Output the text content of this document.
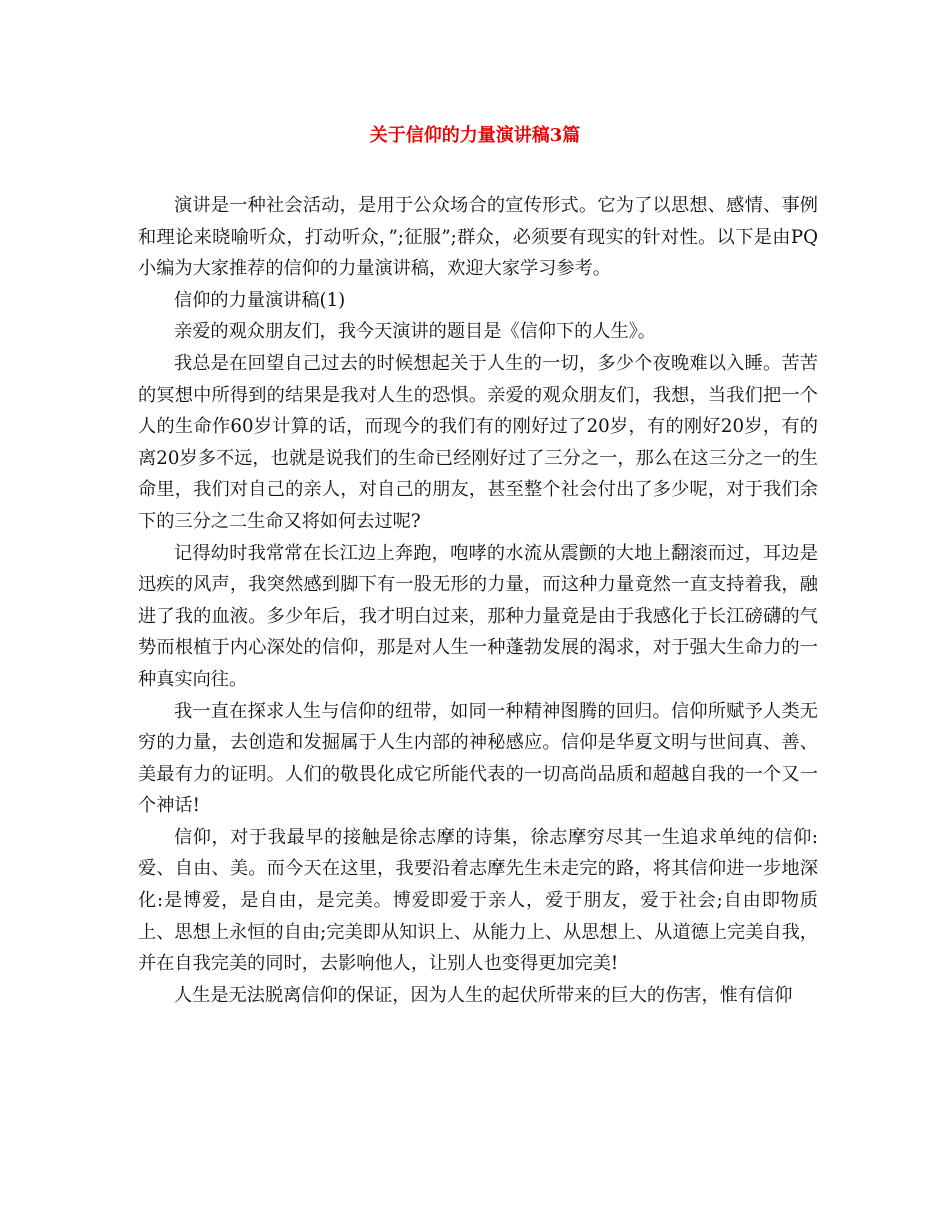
关于信仰的力量演讲稿3篇

演讲是一种社会活动，是用于公众场合的宣传形式。它为了以思想、感情、事例和理论来晓喻听众，打动听众，”;征服”;群众，必须要有现实的针对性。以下是由PQ小编为大家推荐的信仰的力量演讲稿，欢迎大家学习参考。

信仰的力量演讲稿(1)

亲爱的观众朋友们，我今天演讲的题目是《信仰下的人生》。

我总是在回望自己过去的时候想起关于人生的一切，多少个夜晚难以入睡。苦苦的冥想中所得到的结果是我对人生的恐惧。亲爱的观众朋友们，我想，当我们把一个人的生命作60岁计算的话，而现今的我们有的刚好过了20岁，有的刚好20岁，有的离20岁多不远，也就是说我们的生命已经刚好过了三分之一，那么在这三分之一的生命里，我们对自己的亲人，对自己的朋友，甚至整个社会付出了多少呢，对于我们余下的三分之二生命又将如何去过呢?

记得幼时我常常在长江边上奔跑，咆哮的水流从震颤的大地上翻滚而过，耳边是迅疾的风声，我突然感到脚下有一股无形的力量，而这种力量竟然一直支持着我，融进了我的血液。多少年后，我才明白过来，那种力量竟是由于我感化于长江磅礴的气势而根植于内心深处的信仰，那是对人生一种蓬勃发展的渴求，对于强大生命力的一种真实向往。

我一直在探求人生与信仰的纽带，如同一种精神图腾的回归。信仰所赋予人类无穷的力量，去创造和发掘属于人生内部的神秘感应。信仰是华夏文明与世间真、善、美最有力的证明。人们的敬畏化成它所能代表的一切高尚品质和超越自我的一个又一个神话!

信仰，对于我最早的接触是徐志摩的诗集，徐志摩穷尽其一生追求单纯的信仰:爱、自由、美。而今天在这里，我要沿着志摩先生未走完的路，将其信仰进一步地深化:是博爱，是自由，是完美。博爱即爱于亲人，爱于朋友，爱于社会;自由即物质上、思想上永恒的自由;完美即从知识上、从能力上、从思想上、从道德上完美自我，并在自我完美的同时，去影响他人，让别人也变得更加完美!

人生是无法脱离信仰的保证，因为人生的起伏所带来的巨大的伤害，惟有信仰
